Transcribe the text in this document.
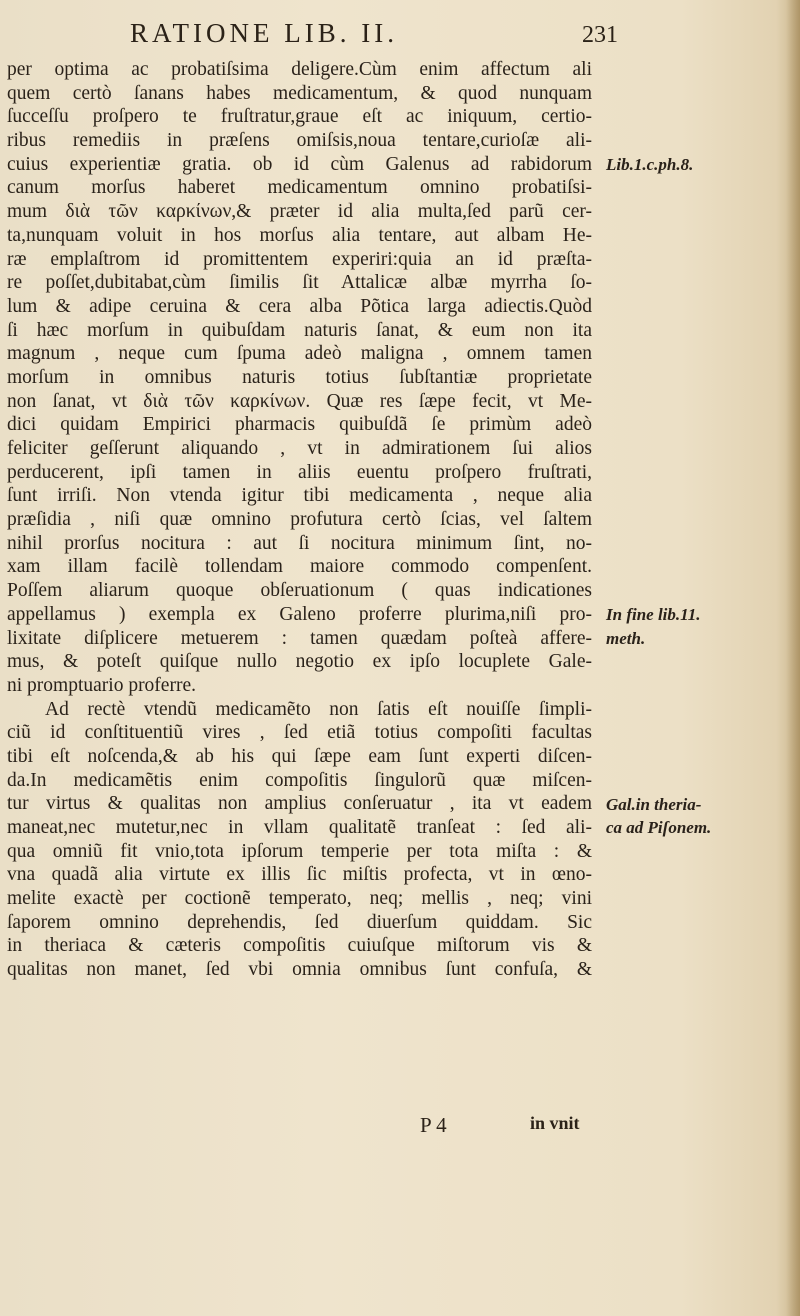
RATIONE LIB. II.	231
per optima ac probatiſsima deligere.Cùm enim affectum ali
quem certò ſanans habes medicamentum, & quod nunquam
ſucceſſu proſpero te fruſtratur,graue eſt ac iniquum, certio-
ribus remediis in præſens omiſsis,noua tentare,curioſæ ali-
cuius experientiæ gratia. ob id cùm Galenus ad rabidorum
canum morſus haberet medicamentum omnino probatiſsi-
mum διὰ τῶν καρκίνων,& præter id alia multa,ſed parũ cer-
ta,nunquam voluit in hos morſus alia tentare, aut albam He-
ræ emplaſtrom id promittentem experiri:quia an id præſta-
re poſſet,dubitabat,cùm ſimilis ſit Attalicæ albæ myrrha ſo-
lum & adipe ceruina & cera alba Põtica larga adiectis.Quòd
ſi hæc morſum in quibuſdam naturis ſanat, & eum non ita
magnum , neque cum ſpuma adeò maligna , omnem tamen
morſum in omnibus naturis totius ſubſtantiæ proprietate
non ſanat, vt διὰ τῶν καρκίνων. Quæ res ſæpe fecit, vt Me-
dici quidam Empirici pharmacis quibuſdã ſe primùm adeò
feliciter geſſerunt aliquando , vt in admirationem ſui alios
perducerent, ipſi tamen in aliis euentu proſpero fruſtrati,
ſunt irriſi. Non vtenda igitur tibi medicamenta , neque alia
præſidia , niſi quæ omnino profutura certò ſcias, vel ſaltem
nihil prorſus nocitura : aut ſi nocitura minimum ſint, no-
xam illam facilè tollendam maiore commodo compenſent.
Poſſem aliarum quoque obſeruationum ( quas indicationes
appellamus ) exempla ex Galeno proferre plurima,niſi pro-
lixitate diſplicere metuerem : tamen quædam poſteà affere-
mus, & poteſt quiſque nullo negotio ex ipſo locuplete Gale-
ni promptuario proferre.
Ad rectè vtendũ medicamẽto non ſatis eſt nouiſſe ſimpli-
ciũ id conſtituentiũ vires , ſed etiã totius compoſiti facultas
tibi eſt noſcenda,& ab his qui ſæpe eam ſunt experti diſcen-
da.In medicamẽtis enim compoſitis ſingulorũ quæ miſcen-
tur virtus & qualitas non amplius conſeruatur , ita vt eadem
maneat,nec mutetur,nec in vllam qualitatẽ tranſeat : ſed ali-
qua omniũ fit vnio,tota ipſorum temperie per tota miſta : &
vna quadã alia virtute ex illis ſic miſtis profecta, vt in œno-
melite exactè per coctionẽ temperato, neq; mellis , neq; vini
ſaporem omnino deprehendis, ſed diuerſum quiddam. Sic
in theriaca & cæteris compoſitis cuiuſque miſtorum vis &
qualitas non manet, ſed vbi omnia omnibus ſunt confuſa, &
Lib.1.c.ph.8.
In fine lib.11.
meth.
Gal.in theria-
ca ad Piſonem.
P 4	in vnit
